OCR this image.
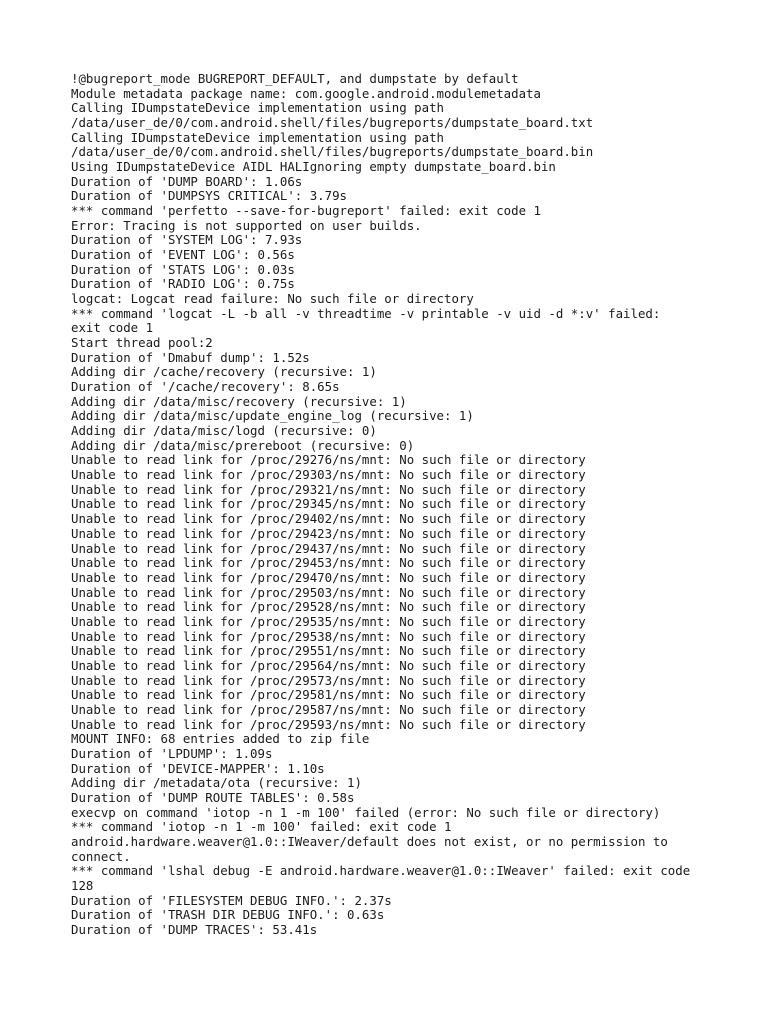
!@bugreport_mode BUGREPORT_DEFAULT, and dumpstate by default
Module metadata package name: com.google.android.modulemetadata
Calling IDumpstateDevice implementation using path
/data/user_de/0/com.android.shell/files/bugreports/dumpstate_board.txt
Calling IDumpstateDevice implementation using path
/data/user_de/0/com.android.shell/files/bugreports/dumpstate_board.bin
Using IDumpstateDevice AIDL HALIgnoring empty dumpstate_board.bin
Duration of 'DUMP BOARD': 1.06s
Duration of 'DUMPSYS CRITICAL': 3.79s
*** command 'perfetto --save-for-bugreport' failed: exit code 1
Error: Tracing is not supported on user builds.
Duration of 'SYSTEM LOG': 7.93s
Duration of 'EVENT LOG': 0.56s
Duration of 'STATS LOG': 0.03s
Duration of 'RADIO LOG': 0.75s
logcat: Logcat read failure: No such file or directory
*** command 'logcat -L -b all -v threadtime -v printable -v uid -d *:v' failed:
exit code 1
Start thread pool:2
Duration of 'Dmabuf dump': 1.52s
Adding dir /cache/recovery (recursive: 1)
Duration of '/cache/recovery': 8.65s
Adding dir /data/misc/recovery (recursive: 1)
Adding dir /data/misc/update_engine_log (recursive: 1)
Adding dir /data/misc/logd (recursive: 0)
Adding dir /data/misc/prereboot (recursive: 0)
Unable to read link for /proc/29276/ns/mnt: No such file or directory
Unable to read link for /proc/29303/ns/mnt: No such file or directory
Unable to read link for /proc/29321/ns/mnt: No such file or directory
Unable to read link for /proc/29345/ns/mnt: No such file or directory
Unable to read link for /proc/29402/ns/mnt: No such file or directory
Unable to read link for /proc/29423/ns/mnt: No such file or directory
Unable to read link for /proc/29437/ns/mnt: No such file or directory
Unable to read link for /proc/29453/ns/mnt: No such file or directory
Unable to read link for /proc/29470/ns/mnt: No such file or directory
Unable to read link for /proc/29503/ns/mnt: No such file or directory
Unable to read link for /proc/29528/ns/mnt: No such file or directory
Unable to read link for /proc/29535/ns/mnt: No such file or directory
Unable to read link for /proc/29538/ns/mnt: No such file or directory
Unable to read link for /proc/29551/ns/mnt: No such file or directory
Unable to read link for /proc/29564/ns/mnt: No such file or directory
Unable to read link for /proc/29573/ns/mnt: No such file or directory
Unable to read link for /proc/29581/ns/mnt: No such file or directory
Unable to read link for /proc/29587/ns/mnt: No such file or directory
Unable to read link for /proc/29593/ns/mnt: No such file or directory
MOUNT INFO: 68 entries added to zip file
Duration of 'LPDUMP': 1.09s
Duration of 'DEVICE-MAPPER': 1.10s
Adding dir /metadata/ota (recursive: 1)
Duration of 'DUMP ROUTE TABLES': 0.58s
execvp on command 'iotop -n 1 -m 100' failed (error: No such file or directory)
*** command 'iotop -n 1 -m 100' failed: exit code 1
android.hardware.weaver@1.0::IWeaver/default does not exist, or no permission to
connect.
*** command 'lshal debug -E android.hardware.weaver@1.0::IWeaver' failed: exit code
128
Duration of 'FILESYSTEM DEBUG INFO.': 2.37s
Duration of 'TRASH DIR DEBUG INFO.': 0.63s
Duration of 'DUMP TRACES': 53.41s
